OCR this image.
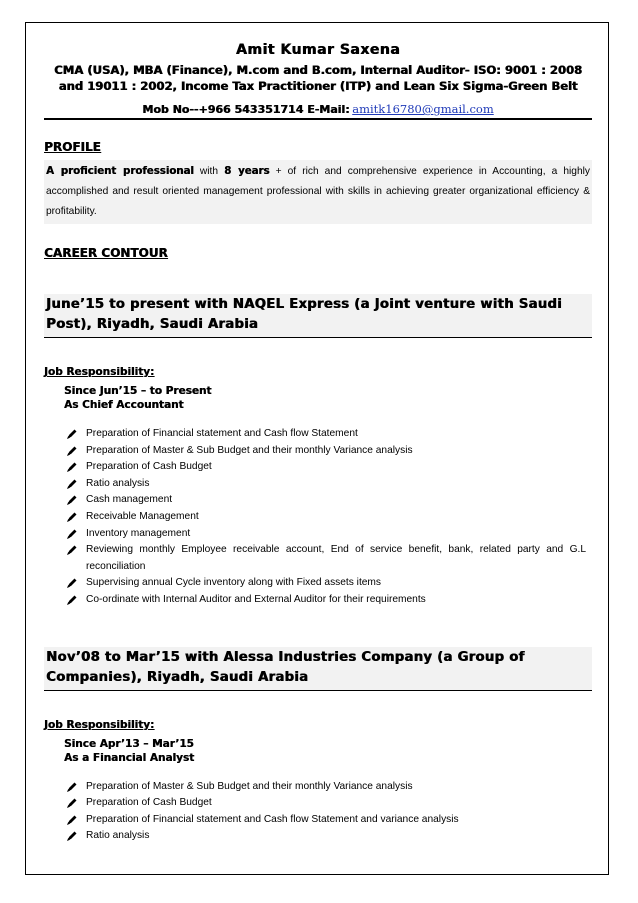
Amit Kumar Saxena
CMA (USA), MBA (Finance), M.com and B.com, Internal Auditor- ISO: 9001 : 2008 and 19011 : 2002, Income Tax Practitioner (ITP) and Lean Six Sigma-Green Belt
Mob No--+966 543351714 E-Mail: amitk16780@gmail.com
PROFILE
A proficient professional with 8 years + of rich and comprehensive experience in Accounting, a highly accomplished and result oriented management professional with skills in achieving greater organizational efficiency & profitability.
CAREER CONTOUR
June’15 to present with NAQEL Express (a Joint venture with Saudi Post), Riyadh, Saudi Arabia
Job Responsibility:
Since Jun’15 – to Present
As Chief Accountant
Preparation of Financial statement and Cash flow Statement
Preparation of Master & Sub Budget and their monthly Variance analysis
Preparation of Cash Budget
Ratio analysis
Cash management
Receivable Management
Inventory management
Reviewing monthly Employee receivable account, End of service benefit, bank, related party and G.L reconciliation
Supervising annual Cycle inventory along with Fixed assets items
Co-ordinate with Internal Auditor and External Auditor for their requirements
Nov’08 to Mar’15 with Alessa Industries Company (a Group of Companies), Riyadh, Saudi Arabia
Job Responsibility:
Since Apr’13 – Mar’15
As a Financial Analyst
Preparation of Master & Sub Budget and their monthly Variance analysis
Preparation of Cash Budget
Preparation of Financial statement and Cash flow Statement and variance analysis
Ratio analysis
